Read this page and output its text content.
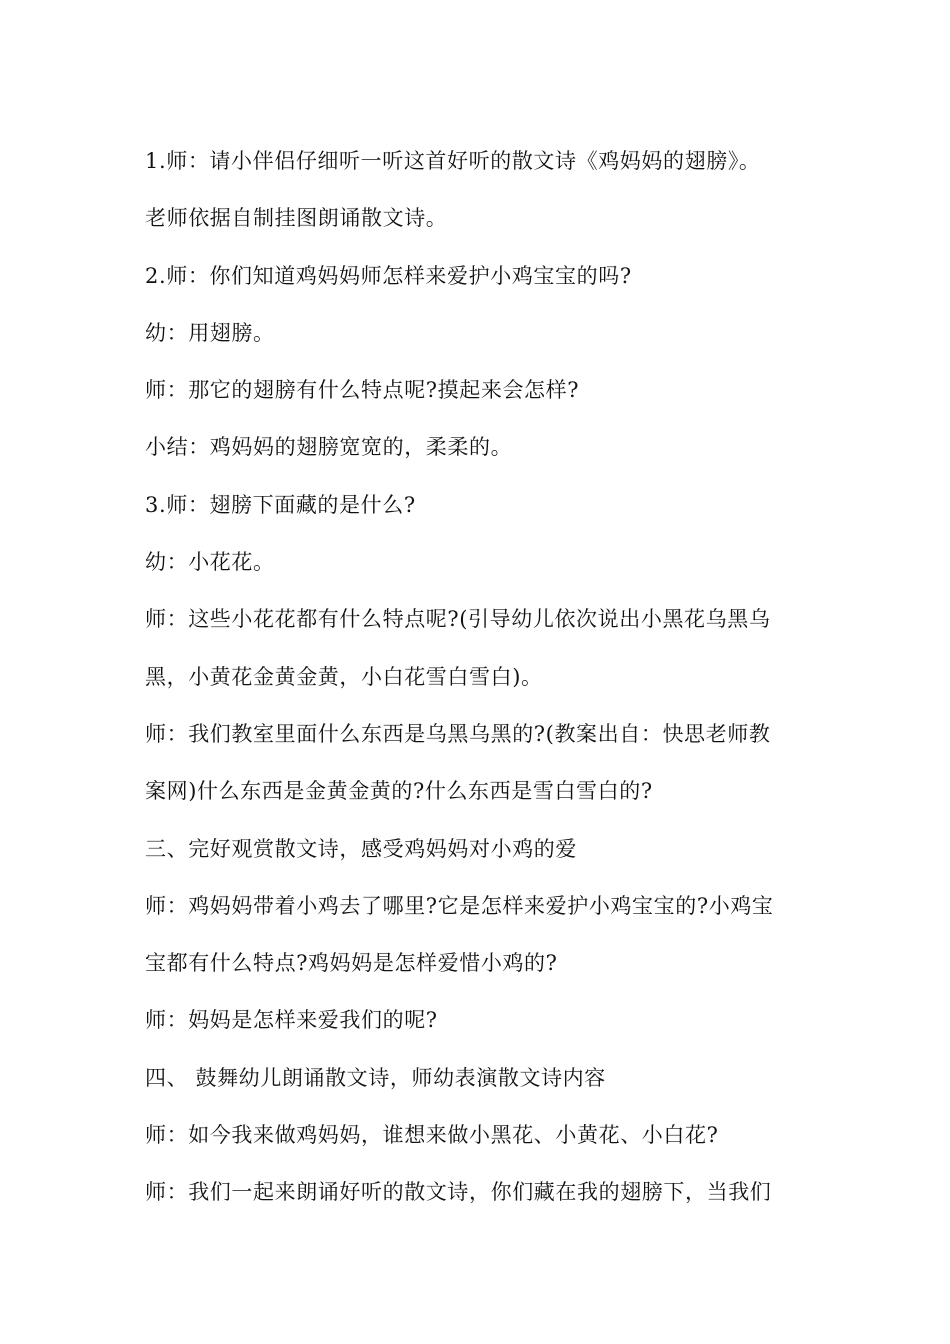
1.师：请小伴侣仔细听一听这首好听的散文诗《鸡妈妈的翅膀》。
老师依据自制挂图朗诵散文诗。
2.师：你们知道鸡妈妈师怎样来爱护小鸡宝宝的吗?
幼：用翅膀。
师：那它的翅膀有什么特点呢?摸起来会怎样?
小结：鸡妈妈的翅膀宽宽的，柔柔的。
3.师：翅膀下面藏的是什么?
幼：小花花。
师：这些小花花都有什么特点呢?(引导幼儿依次说出小黑花乌黑乌
黑，小黄花金黄金黄，小白花雪白雪白)。
师：我们教室里面什么东西是乌黑乌黑的?(教案出自：快思老师教
案网)什么东西是金黄金黄的?什么东西是雪白雪白的?
三、完好观赏散文诗，感受鸡妈妈对小鸡的爱
师：鸡妈妈带着小鸡去了哪里?它是怎样来爱护小鸡宝宝的?小鸡宝
宝都有什么特点?鸡妈妈是怎样爱惜小鸡的?
师：妈妈是怎样来爱我们的呢?
四、 鼓舞幼儿朗诵散文诗，师幼表演散文诗内容
师：如今我来做鸡妈妈，谁想来做小黑花、小黄花、小白花?
师：我们一起来朗诵好听的散文诗，你们藏在我的翅膀下，当我们
